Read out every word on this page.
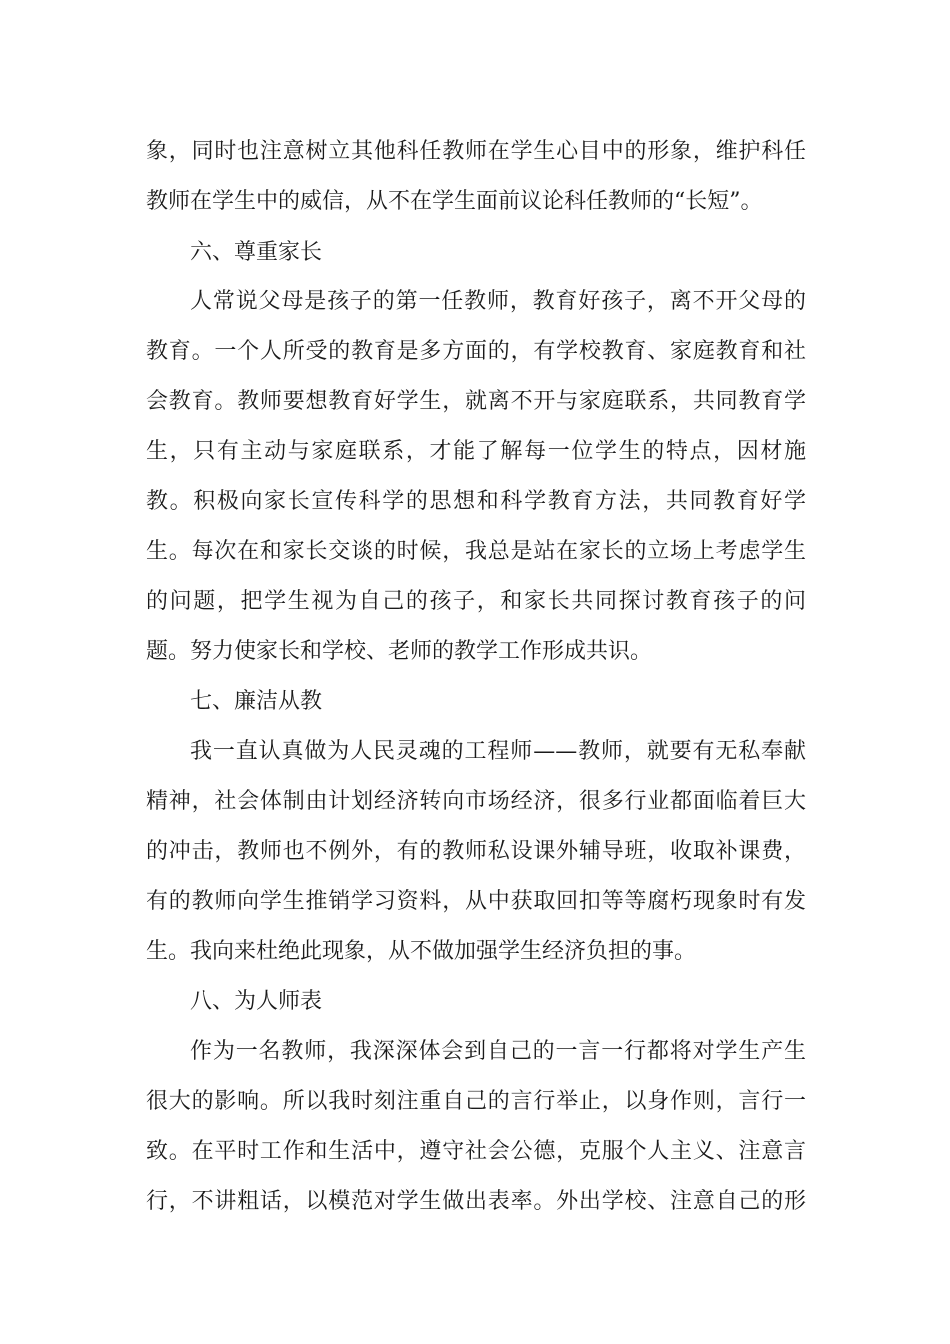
象，同时也注意树立其他科任教师在学生心目中的形象，维护科任

教师在学生中的威信，从不在学生面前议论科任教师的“长短”。

六、尊重家长

人常说父母是孩子的第一任教师，教育好孩子，离不开父母的

教育。一个人所受的教育是多方面的，有学校教育、家庭教育和社

会教育。教师要想教育好学生，就离不开与家庭联系，共同教育学

生，只有主动与家庭联系，才能了解每一位学生的特点，因材施

教。积极向家长宣传科学的思想和科学教育方法，共同教育好学

生。每次在和家长交谈的时候，我总是站在家长的立场上考虑学生

的问题，把学生视为自己的孩子，和家长共同探讨教育孩子的问

题。努力使家长和学校、老师的教学工作形成共识。

七、廉洁从教

我一直认真做为人民灵魂的工程师——教师，就要有无私奉献

精神，社会体制由计划经济转向市场经济，很多行业都面临着巨大

的冲击，教师也不例外，有的教师私设课外辅导班，收取补课费，

有的教师向学生推销学习资料，从中获取回扣等等腐朽现象时有发

生。我向来杜绝此现象，从不做加强学生经济负担的事。

八、为人师表

作为一名教师，我深深体会到自己的一言一行都将对学生产生

很大的影响。所以我时刻注重自己的言行举止，以身作则，言行一

致。在平时工作和生活中，遵守社会公德，克服个人主义、注意言

行，不讲粗话，以模范对学生做出表率。外出学校、注意自己的形
